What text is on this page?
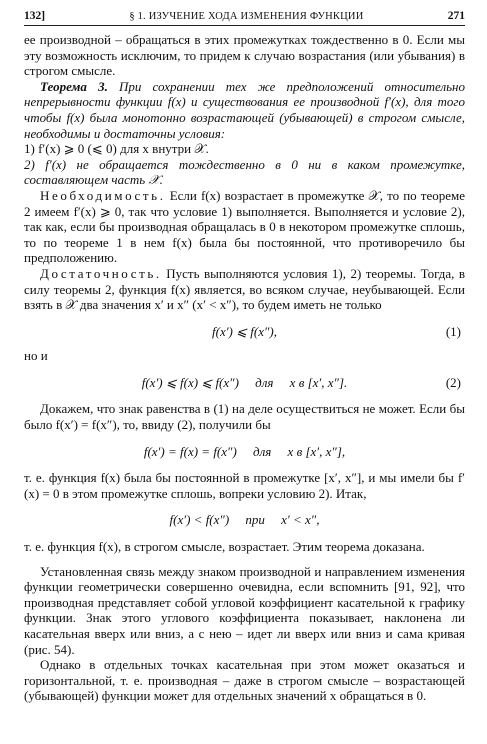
132]	§ 1. ИЗУЧЕНИЕ ХОДА ИЗМЕНЕНИЯ ФУНКЦИИ	271

ее производной – обращаться в этих промежутках тождественно в 0. Если мы эту возможность исключим, то придем к случаю возрастания (или убывания) в строгом смысле.

Теорема 3. При сохранении тех же предположений относительно непрерывности функции f(x) и существования ее производной f′(x), для того чтобы f(x) была монотонно возрастающей (убывающей) в строгом смысле, необходимы и достаточны условия:

1) f′(x) ⩾ 0 (⩽ 0) для x внутри 𝒳.

2) f′(x) не обращается тождественно в 0 ни в каком промежутке, составляющем часть 𝒳.

Необходимость. Если f(x) возрастает в промежутке 𝒳, то по теореме 2 имеем f′(x) ⩾ 0, так что условие 1) выполняется. Выполняется и условие 2), так как, если бы производная обращалась в 0 в некотором промежутке сплошь, то по теореме 1 в нем f(x) была бы постоянной, что противоречило бы предположению.

Достаточность. Пусть выполняются условия 1), 2) теоремы. Тогда, в силу теоремы 2, функция f(x) является, во всяком случае, неубывающей. Если взять в 𝒳 два значения x′ и x″ (x′ < x″), то будем иметь не только

f(x′) ⩽ f(x″),	(1)
но и
f(x′) ⩽ f(x) ⩽ f(x″)     для     x в [x′, x″].	(2)

Докажем, что знак равенства в (1) на деле осуществиться не может. Если бы было f(x′) = f(x″), то, ввиду (2), получили бы

f(x′) = f(x) = f(x″)     для     x в [x′, x″],

т. е. функция f(x) была бы постоянной в промежутке [x′, x″], и мы имели бы f′(x) = 0 в этом промежутке сплошь, вопреки условию 2). Итак,

f(x′) < f(x″)     при     x′ < x″,

т. е. функция f(x), в строгом смысле, возрастает. Этим теорема доказана.

Установленная связь между знаком производной и направлением изменения функции геометрически совершенно очевидна, если вспомнить [91, 92], что производная представляет собой угловой коэффициент касательной к графику функции. Знак этого углового коэффициента показывает, наклонена ли касательная вверх или вниз, а с нею – идет ли вверх или вниз и сама кривая (рис. 54).

Однако в отдельных точках касательная при этом может оказаться и горизонтальной, т. е. производная – даже в строгом смысле – возрастающей (убывающей) функции может для отдельных значений x обращаться в 0.
